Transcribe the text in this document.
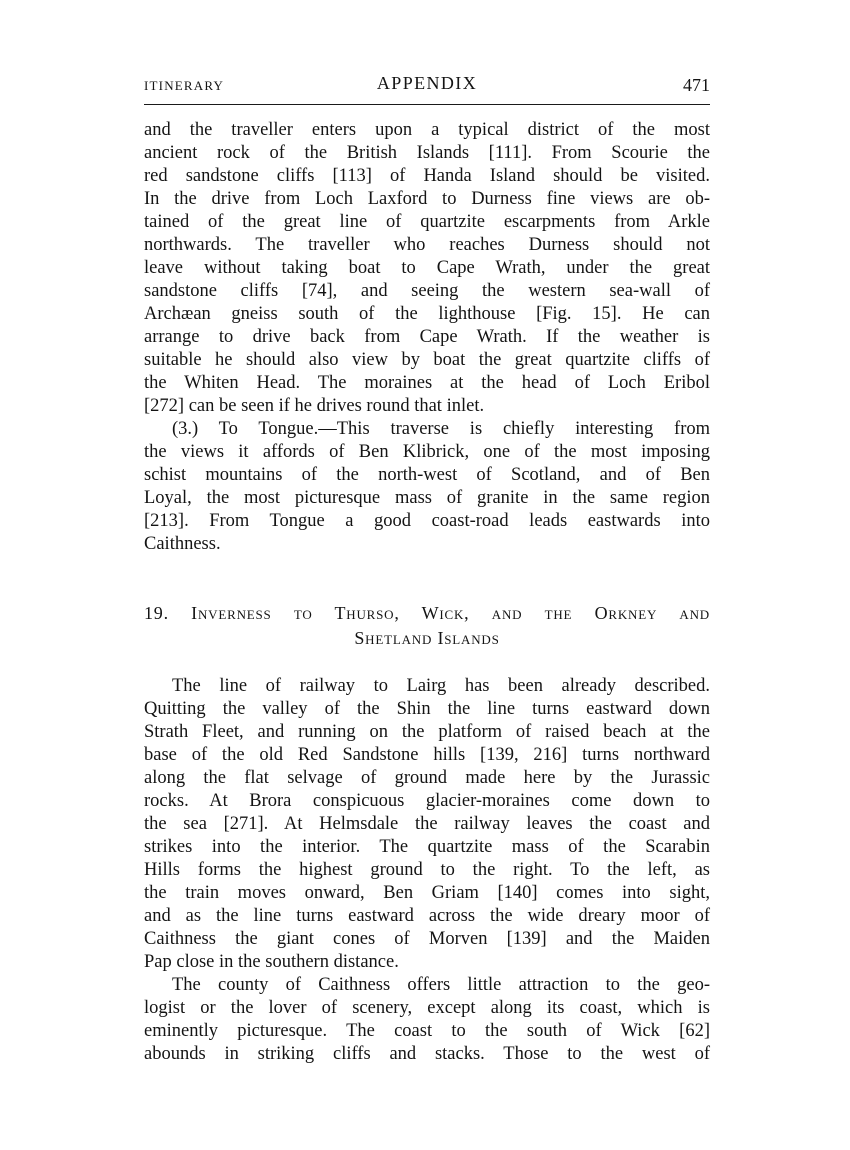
ITINERARY	APPENDIX	471
and the traveller enters upon a typical district of the most
ancient rock of the British Islands [111]. From Scourie the
red sandstone cliffs [113] of Handa Island should be visited.
In the drive from Loch Laxford to Durness fine views are ob-
tained of the great line of quartzite escarpments from Arkle
northwards. The traveller who reaches Durness should not
leave without taking boat to Cape Wrath, under the great
sandstone cliffs [74], and seeing the western sea-wall of
Archæan gneiss south of the lighthouse [Fig. 15]. He can
arrange to drive back from Cape Wrath. If the weather is
suitable he should also view by boat the great quartzite cliffs of
the Whiten Head. The moraines at the head of Loch Eribol
[272] can be seen if he drives round that inlet.
(3.) To Tongue.—This traverse is chiefly interesting from
the views it affords of Ben Klibrick, one of the most imposing
schist mountains of the north-west of Scotland, and of Ben
Loyal, the most picturesque mass of granite in the same region
[213]. From Tongue a good coast-road leads eastwards into
Caithness.
19. Inverness to Thurso, Wick, and the Orkney and
Shetland Islands
The line of railway to Lairg has been already described.
Quitting the valley of the Shin the line turns eastward down
Strath Fleet, and running on the platform of raised beach at the
base of the old Red Sandstone hills [139, 216] turns northward
along the flat selvage of ground made here by the Jurassic
rocks. At Brora conspicuous glacier-moraines come down to
the sea [271]. At Helmsdale the railway leaves the coast and
strikes into the interior. The quartzite mass of the Scarabin
Hills forms the highest ground to the right. To the left, as
the train moves onward, Ben Griam [140] comes into sight,
and as the line turns eastward across the wide dreary moor of
Caithness the giant cones of Morven [139] and the Maiden
Pap close in the southern distance.
The county of Caithness offers little attraction to the geo-
logist or the lover of scenery, except along its coast, which is
eminently picturesque. The coast to the south of Wick [62]
abounds in striking cliffs and stacks. Those to the west of
